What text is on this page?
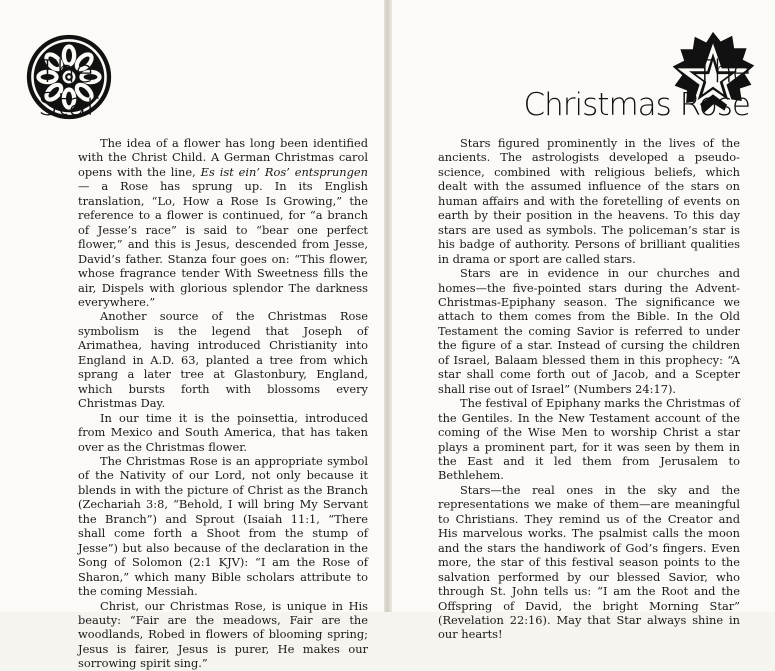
The
Christmas Rose
The
Star

The idea of a flower has long been identified with the Christ Child. A German Christmas carol opens with the line, Es ist ein’ Ros’ entsprungen— a Rose has sprung up. In its English translation, “Lo, How a Rose Is Growing,” the reference to a flower is continued, for “a branch of Jesse’s race” is said to “bear one perfect flower,” and this is Jesus, descended from Jesse, David’s father. Stanza four goes on: “This flower, whose fragrance tender With Sweetness fills the air, Dispels with glorious splendor The darkness everywhere.”

Another source of the Christmas Rose symbolism is the legend that Joseph of Arimathea, having introduced Christianity into England in A.D. 63, planted a tree from which sprang a later tree at Glastonbury, England, which bursts forth with blossoms every Christmas Day.

In our time it is the poinsettia, introduced from Mexico and South America, that has taken over as the Christmas flower.

The Christmas Rose is an appropriate symbol of the Nativity of our Lord, not only because it blends in with the picture of Christ as the Branch (Zechariah 3:8, “Behold, I will bring My Servant the Branch”) and Sprout (Isaiah 11:1, “There shall come forth a Shoot from the stump of Jesse”) but also because of the declaration in the Song of Solomon (2:1 KJV): “I am the Rose of Sharon,” which many Bible scholars attribute to the coming Messiah.

Christ, our Christmas Rose, is unique in His beauty: “Fair are the meadows, Fair are the woodlands, Robed in flowers of blooming spring; Jesus is fairer, Jesus is purer, He makes our sorrowing spirit sing.”

Stars figured prominently in the lives of the ancients. The astrologists developed a pseudo-science, combined with religious beliefs, which dealt with the assumed influence of the stars on human affairs and with the foretelling of events on earth by their position in the heavens. To this day stars are used as symbols. The policeman’s star is his badge of authority. Persons of brilliant qualities in drama or sport are called stars.

Stars are in evidence in our churches and homes—the five-pointed stars during the Advent-Christmas-Epiphany season. The significance we attach to them comes from the Bible. In the Old Testament the coming Savior is referred to under the figure of a star. Instead of cursing the children of Israel, Balaam blessed them in this prophecy: “A star shall come forth out of Jacob, and a Scepter shall rise out of Israel” (Numbers 24:17).

The festival of Epiphany marks the Christmas of the Gentiles. In the New Testament account of the coming of the Wise Men to worship Christ a star plays a prominent part, for it was seen by them in the East and it led them from Jerusalem to Bethlehem.

Stars—the real ones in the sky and the representations we make of them—are meaningful to Christians. They remind us of the Creator and His marvelous works. The psalmist calls the moon and the stars the handiwork of God’s fingers. Even more, the star of this festival season points to the salvation performed by our blessed Savior, who through St. John tells us: “I am the Root and the Offspring of David, the bright Morning Star” (Revelation 22:16). May that Star always shine in our hearts!
